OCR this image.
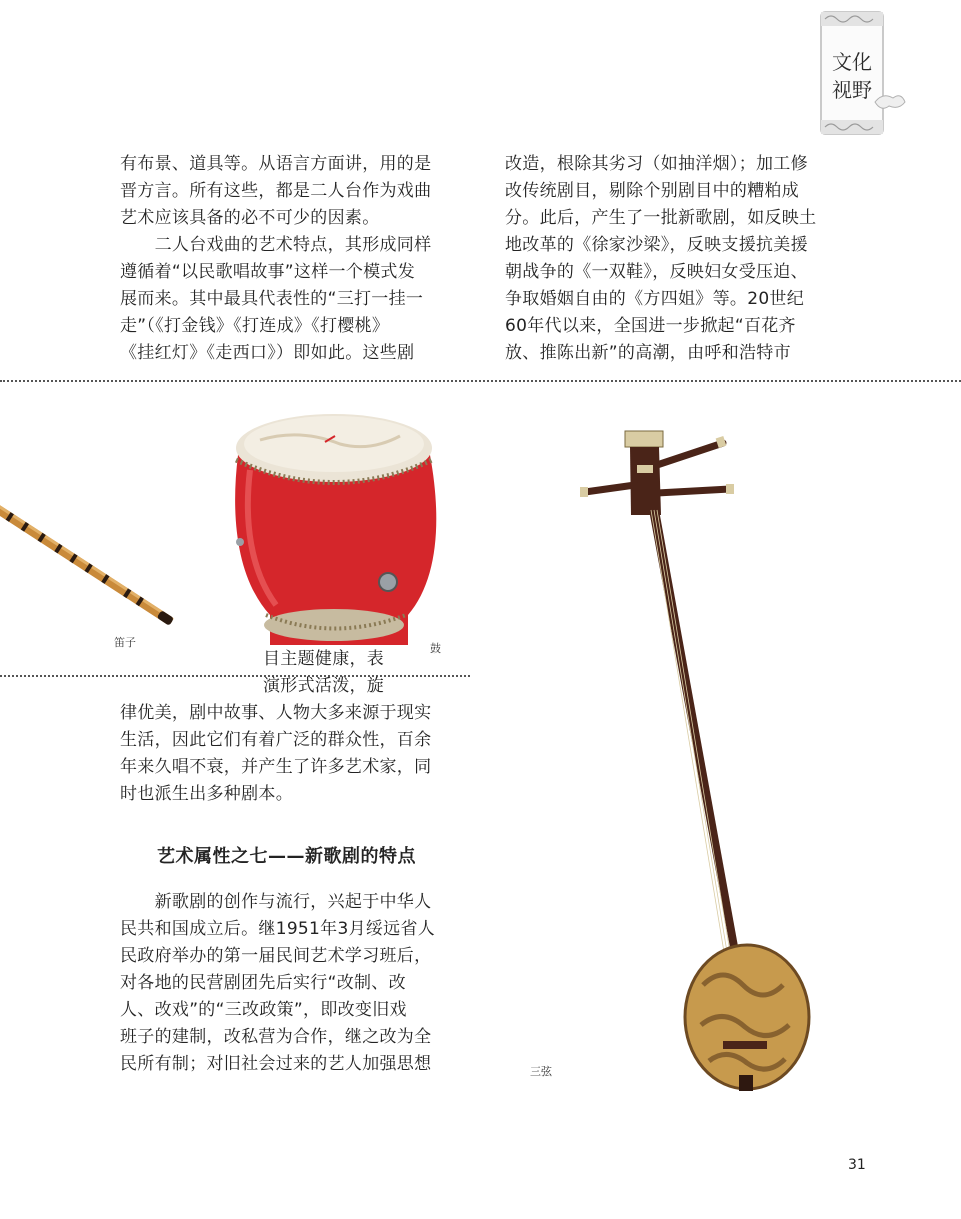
文化
视野
有布景、道具等。从语言方面讲，用的是
晋方言。所有这些，都是二人台作为戏曲
艺术应该具备的必不可少的因素。
　　二人台戏曲的艺术特点，其形成同样
遵循着“以民歌唱故事”这样一个模式发
展而来。其中最具代表性的“三打一挂一
走”（《打金钱》《打连成》《打樱桃》
《挂红灯》《走西口》）即如此。这些剧
改造，根除其劣习（如抽洋烟）；加工修
改传统剧目，剔除个别剧目中的糟粕成
分。此后，产生了一批新歌剧，如反映土
地改革的《徐家沙梁》，反映支援抗美援
朝战争的《一双鞋》，反映妇女受压迫、
争取婚姻自由的《方四姐》等。20世纪
60年代以来，全国进一步掀起“百花齐
放、推陈出新”的高潮，由呼和浩特市
笛子	鼓
三弦
目主题健康，表
演形式活泼，旋
律优美，剧中故事、人物大多来源于现实
生活，因此它们有着广泛的群众性，百余
年来久唱不衰，并产生了许多艺术家，同
时也派生出多种剧本。
艺术属性之七——新歌剧的特点
　　新歌剧的创作与流行，兴起于中华人
民共和国成立后。继1951年3月绥远省人
民政府举办的第一届民间艺术学习班后，
对各地的民营剧团先后实行“改制、改
人、改戏”的“三改政策”，即改变旧戏
班子的建制，改私营为合作，继之改为全
民所有制；对旧社会过来的艺人加强思想
31
